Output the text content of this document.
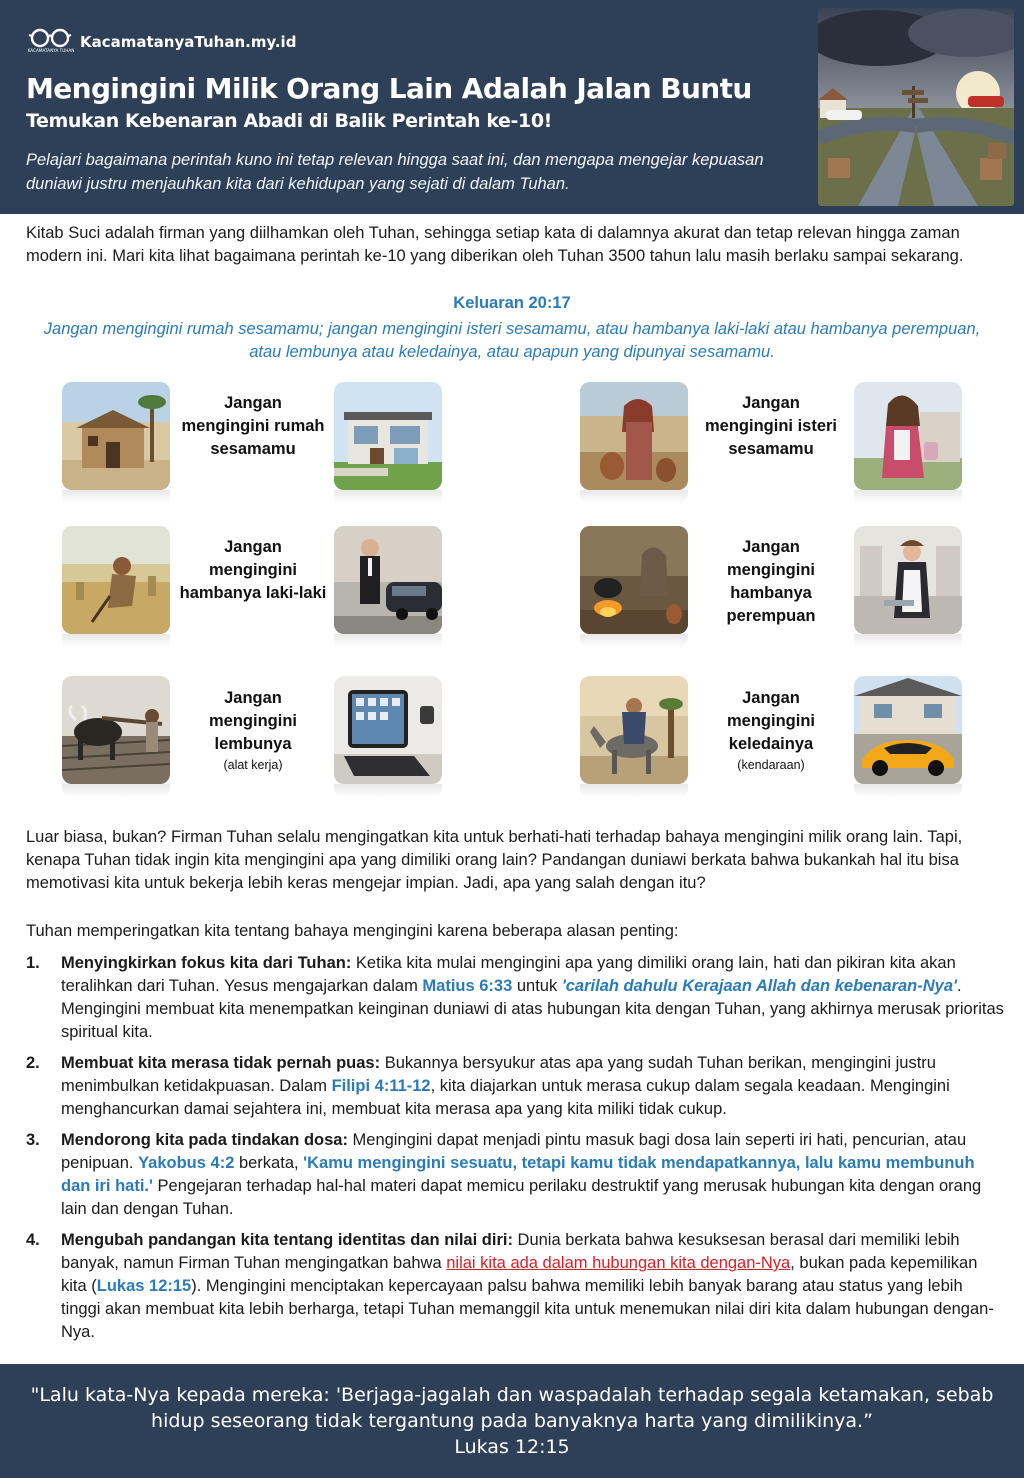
KACAMATANYA TUHAN KacamatanyaTuhan.my.id
Mengingini Milik Orang Lain Adalah Jalan Buntu
Temukan Kebenaran Abadi di Balik Perintah ke-10!

Pelajari bagaimana perintah kuno ini tetap relevan hingga saat ini, dan mengapa mengejar kepuasan duniawi justru menjauhkan kita dari kehidupan yang sejati di dalam Tuhan.

Kitab Suci adalah firman yang diilhamkan oleh Tuhan, sehingga setiap kata di dalamnya akurat dan tetap relevan hingga zaman modern ini. Mari kita lihat bagaimana perintah ke-10 yang diberikan oleh Tuhan 3500 tahun lalu masih berlaku sampai sekarang.

Keluaran 20:17

Jangan mengingini rumah sesamamu; jangan mengingini isteri sesamamu, atau hambanya laki-laki atau hambanya perempuan, atau lembunya atau keledainya, atau apapun yang dipunyai sesamamu.

Jangan mengingini rumah sesamamu
Jangan mengingini isteri sesamamu
Jangan mengingini hambanya laki-laki
Jangan mengingini hambanya perempuan
Jangan mengingini lembunya
(alat kerja)
Jangan mengingini keledainya
(kendaraan)

Luar biasa, bukan? Firman Tuhan selalu mengingatkan kita untuk berhati-hati terhadap bahaya mengingini milik orang lain. Tapi, kenapa Tuhan tidak ingin kita mengingini apa yang dimiliki orang lain? Pandangan duniawi berkata bahwa bukankah hal itu bisa memotivasi kita untuk bekerja lebih keras mengejar impian. Jadi, apa yang salah dengan itu?

Tuhan memperingatkan kita tentang bahaya mengingini karena beberapa alasan penting:

1. Menyingkirkan fokus kita dari Tuhan: Ketika kita mulai mengingini apa yang dimiliki orang lain, hati dan pikiran kita akan teralihkan dari Tuhan. Yesus mengajarkan dalam Matius 6:33 untuk 'carilah dahulu Kerajaan Allah dan kebenaran-Nya'. Mengingini membuat kita menempatkan keinginan duniawi di atas hubungan kita dengan Tuhan, yang akhirnya merusak prioritas spiritual kita.
2. Membuat kita merasa tidak pernah puas: Bukannya bersyukur atas apa yang sudah Tuhan berikan, mengingini justru menimbulkan ketidakpuasan. Dalam Filipi 4:11-12, kita diajarkan untuk merasa cukup dalam segala keadaan. Mengingini menghancurkan damai sejahtera ini, membuat kita merasa apa yang kita miliki tidak cukup.
3. Mendorong kita pada tindakan dosa: Mengingini dapat menjadi pintu masuk bagi dosa lain seperti iri hati, pencurian, atau penipuan. Yakobus 4:2 berkata, 'Kamu mengingini sesuatu, tetapi kamu tidak mendapatkannya, lalu kamu membunuh dan iri hati.' Pengejaran terhadap hal-hal materi dapat memicu perilaku destruktif yang merusak hubungan kita dengan orang lain dan dengan Tuhan.
4. Mengubah pandangan kita tentang identitas dan nilai diri: Dunia berkata bahwa kesuksesan berasal dari memiliki lebih banyak, namun Firman Tuhan mengingatkan bahwa nilai kita ada dalam hubungan kita dengan-Nya, bukan pada kepemilikan kita (Lukas 12:15). Mengingini menciptakan kepercayaan palsu bahwa memiliki lebih banyak barang atau status yang lebih tinggi akan membuat kita lebih berharga, tetapi Tuhan memanggil kita untuk menemukan nilai diri kita dalam hubungan dengan-Nya.

"Lalu kata-Nya kepada mereka: 'Berjaga-jagalah dan waspadalah terhadap segala ketamakan, sebab hidup seseorang tidak tergantung pada banyaknya harta yang dimilikinya.”

Lukas 12:15
